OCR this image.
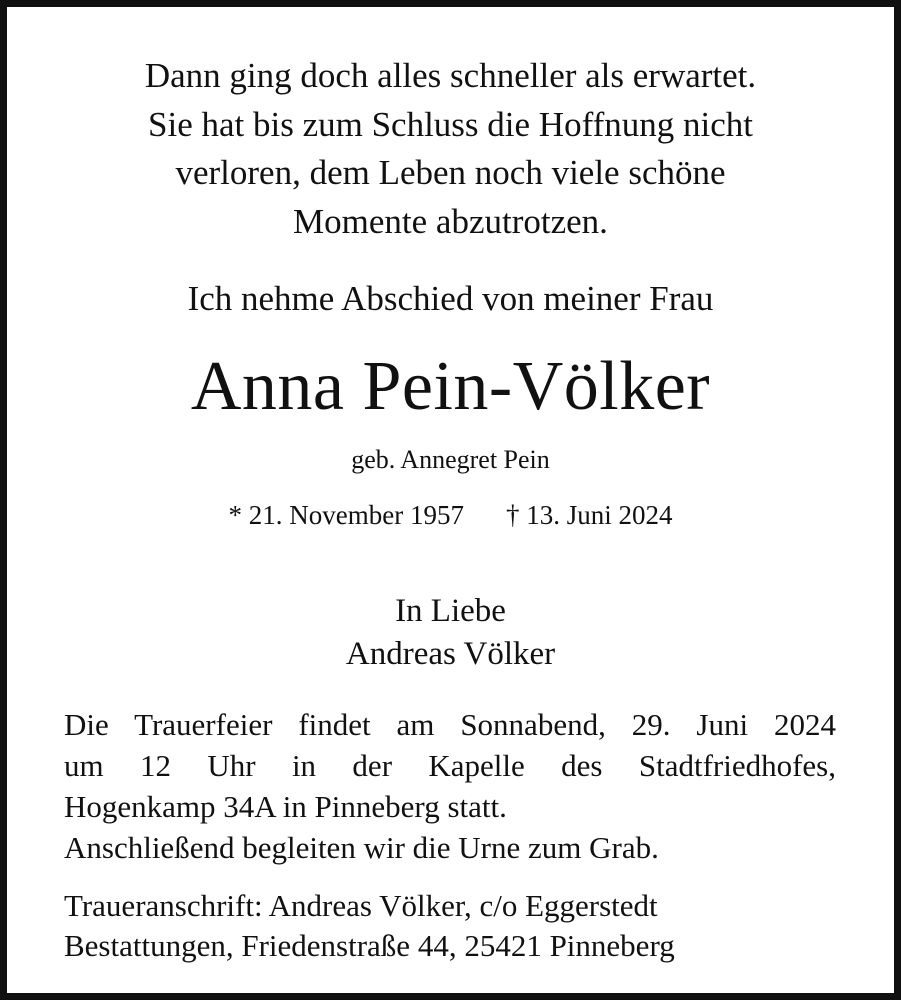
Dann ging doch alles schneller als erwartet.
Sie hat bis zum Schluss die Hoffnung nicht
verloren, dem Leben noch viele schöne
Momente abzutrotzen.
Ich nehme Abschied von meiner Frau
Anna Pein-Völker
geb. Annegret Pein
* 21. November 1957 † 13. Juni 2024
In Liebe
Andreas Völker
Die Trauerfeier findet am Sonnabend, 29. Juni 2024
um 12 Uhr in der Kapelle des Stadtfriedhofes,
Hogenkamp 34A in Pinneberg statt.
Anschließend begleiten wir die Urne zum Grab.
Traueranschrift: Andreas Völker, c/o Eggerstedt
Bestattungen, Friedenstraße 44, 25421 Pinneberg
